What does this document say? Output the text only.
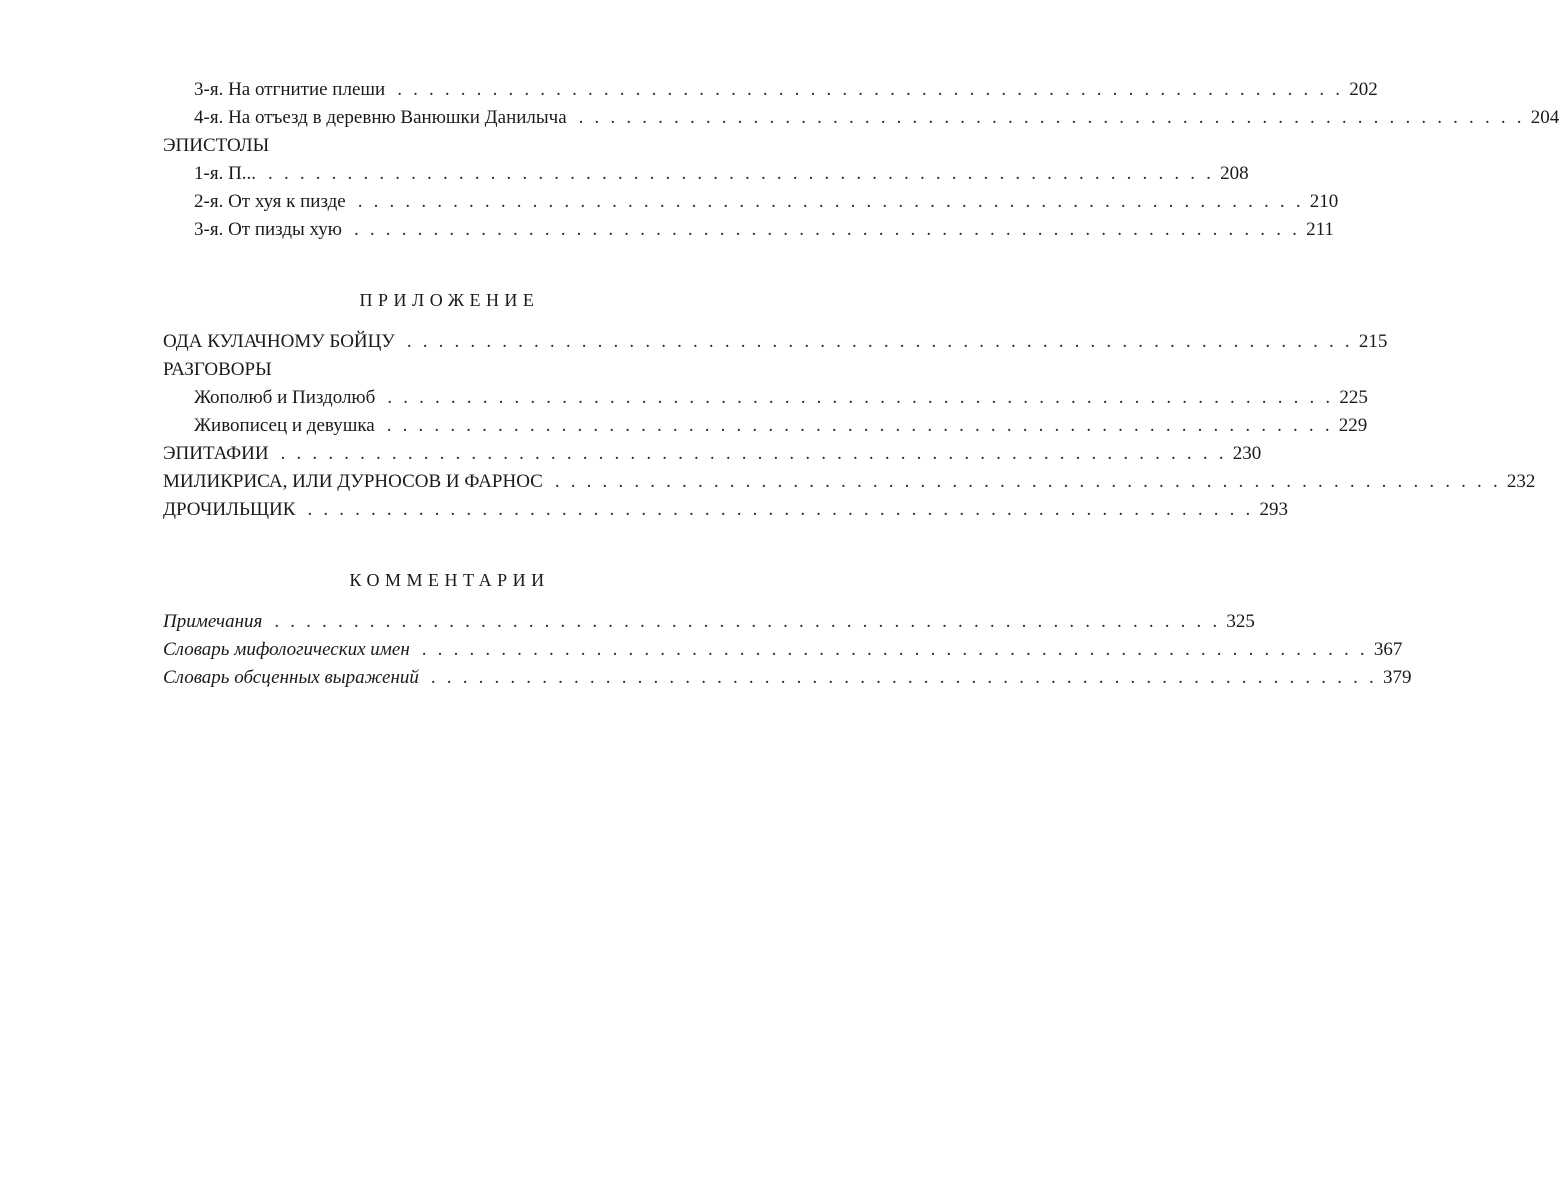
3-я. На отгнитие плеши . . . . . . . . . . . . . . . . . . . . . . . . . . . . . . . . . . . . . . . . . . . . . . . . . . . . . . . . . . . . 202
4-я. На отъезд в деревню Ванюшки Данилыча . . . . . . . . . . . . . . . . . . . . . . . . . . . . . . . . . . . . . . . . . . . . . . . . . . . . . . . . . . . . 204
ЭПИСТОЛЫ
1-я. П... . . . . . . . . . . . . . . . . . . . . . . . . . . . . . . . . . . . . . . . . . . . . . . . . . . . . . . . . . . . . 208
2-я. От хуя к пизде . . . . . . . . . . . . . . . . . . . . . . . . . . . . . . . . . . . . . . . . . . . . . . . . . . . . . . . . . . . . 210
3-я. От пизды хую . . . . . . . . . . . . . . . . . . . . . . . . . . . . . . . . . . . . . . . . . . . . . . . . . . . . . . . . . . . . 211
ПРИЛОЖЕНИЕ
ОДА КУЛАЧНОМУ БОЙЦУ . . . . . . . . . . . . . . . . . . . . . . . . . . . . . . . . . . . . . . . . . . . . . . . . . . . . . . . . . . . . 215
РАЗГОВОРЫ
Жополюб и Пиздолюб . . . . . . . . . . . . . . . . . . . . . . . . . . . . . . . . . . . . . . . . . . . . . . . . . . . . . . . . . . . . 225
Живописец и девушка . . . . . . . . . . . . . . . . . . . . . . . . . . . . . . . . . . . . . . . . . . . . . . . . . . . . . . . . . . . . 229
ЭПИТАФИИ . . . . . . . . . . . . . . . . . . . . . . . . . . . . . . . . . . . . . . . . . . . . . . . . . . . . . . . . . . . . 230
МИЛИКРИСА, ИЛИ ДУРНОСОВ И ФАРНОС . . . . . . . . . . . . . . . . . . . . . . . . . . . . . . . . . . . . . . . . . . . . . . . . . . . . . . . . . . . . 232
ДРОЧИЛЬЩИК . . . . . . . . . . . . . . . . . . . . . . . . . . . . . . . . . . . . . . . . . . . . . . . . . . . . . . . . . . . . 293
КОММЕНТАРИИ
Примечания . . . . . . . . . . . . . . . . . . . . . . . . . . . . . . . . . . . . . . . . . . . . . . . . . . . . . . . . . . . . 325
Словарь мифологических имен . . . . . . . . . . . . . . . . . . . . . . . . . . . . . . . . . . . . . . . . . . . . . . . . . . . . . . . . . . . . 367
Словарь обсценных выражений . . . . . . . . . . . . . . . . . . . . . . . . . . . . . . . . . . . . . . . . . . . . . . . . . . . . . . . . . . . . 379
